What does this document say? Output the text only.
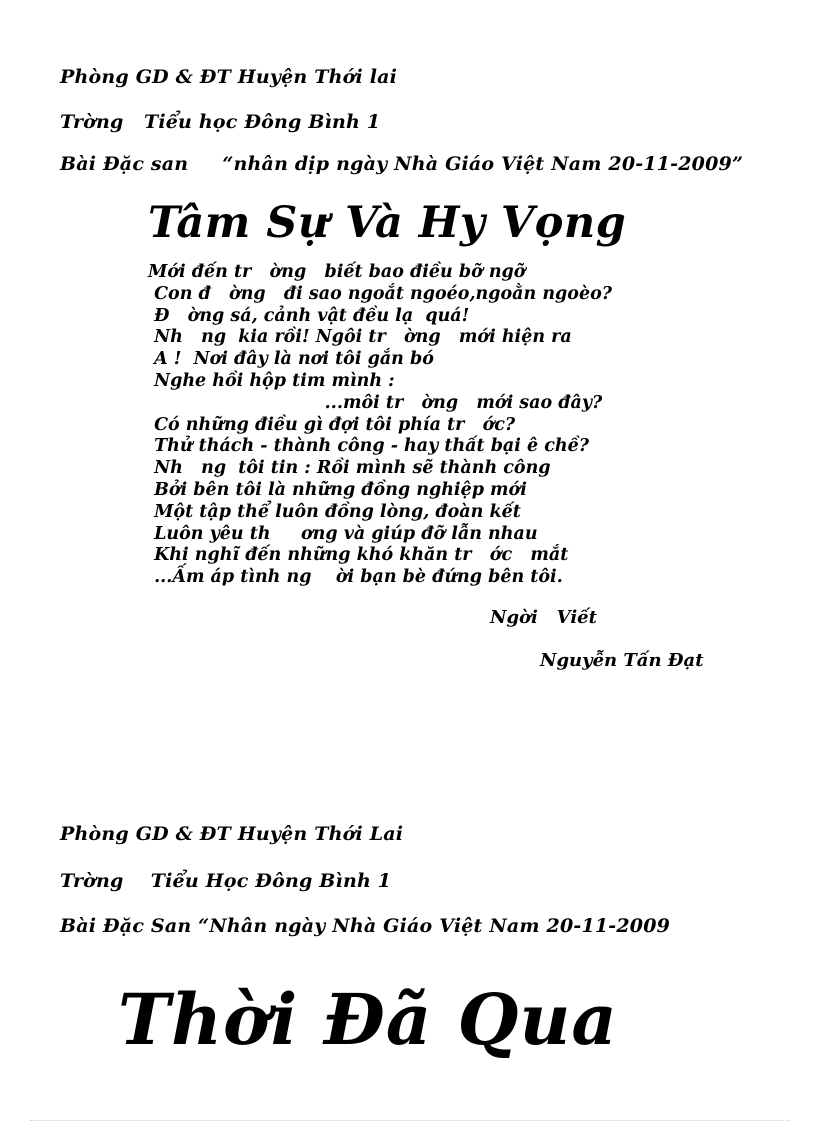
Phòng GD & ĐT Huyện Thới lai
Trờng   Tiểu học Đông Bình 1
Bài Đặc san     “nhân dịp ngày Nhà Giáo Việt Nam 20-11-2009”
Tâm Sự Và Hy Vọng
Mới đến tr   ờng   biết bao điều bỡ ngỡ
Con đ   ờng   đi sao ngoắt ngoéo,ngoằn ngoèo?
Đ   ờng sá, cảnh vật đều lạ  quá!
Nh   ng  kia rồi! Ngôi tr   ờng   mới hiện ra
A !  Nơi đây là nơi tôi gắn bó
Nghe hồi hộp tim mình :
...môi tr   ờng   mới sao đây?
Có những điều gì đợi tôi phía tr   ớc?
Thử thách - thành công - hay thất bại ê chề?
Nh   ng  tôi tin : Rồi mình sẽ thành công
Bởi bên tôi là những đồng nghiệp mới
Một tập thể luôn đồng lòng, đoàn kết
Luôn yêu th     ơng và giúp đỡ lẫn nhau
Khi nghĩ đến những khó khăn tr   ớc   mắt
...Ấm áp tình ng    ời bạn bè đứng bên tôi.
Ngời   Viết
Nguyễn Tấn Đạt
Phòng GD & ĐT Huyện Thới Lai
Trờng    Tiểu Học Đông Bình 1
Bài Đặc San “Nhân ngày Nhà Giáo Việt Nam 20-11-2009
Thời Đã Qua
